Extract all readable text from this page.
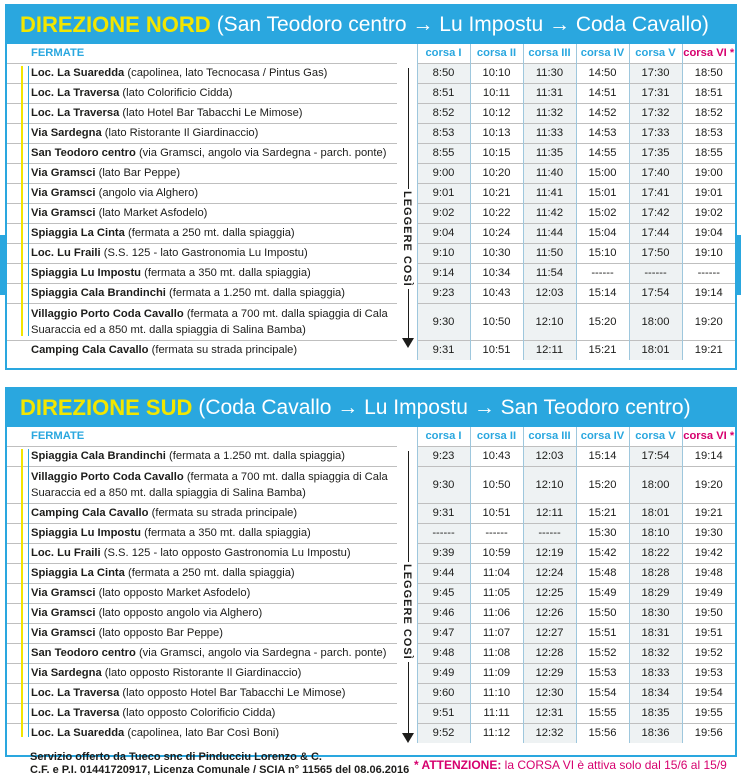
DIREZIONE NORD (San Teodoro centro → Lu Impostu → Coda Cavallo)
FERMATE		corsa I	corsa II	corsa III	corsa IV	corsa V	corsa VI *
Loc. La Suaredda (capolinea, lato Tecnocasa / Pintus Gas)		8:50	10:10	11:30	14:50	17:30	18:50
Loc. La Traversa (lato Colorificio Cidda)		8:51	10:11	11:31	14:51	17:31	18:51
Loc. La Traversa (lato Hotel Bar Tabacchi Le Mimose)		8:52	10:12	11:32	14:52	17:32	18:52
Via Sardegna (lato Ristorante Il Giardinaccio)		8:53	10:13	11:33	14:53	17:33	18:53
San Teodoro centro (via Gramsci, angolo via Sardegna - parch. ponte)		8:55	10:15	11:35	14:55	17:35	18:55
Via Gramsci (lato Bar Peppe)		9:00	10:20	11:40	15:00	17:40	19:00
Via Gramsci (angolo via Alghero)		9:01	10:21	11:41	15:01	17:41	19:01
Via Gramsci (lato Market Asfodelo)		9:02	10:22	11:42	15:02	17:42	19:02
Spiaggia La Cinta (fermata a 250 mt. dalla spiaggia)		9:04	10:24	11:44	15:04	17:44	19:04
Loc. Lu Fraili (S.S. 125 - lato Gastronomia Lu Impostu)		9:10	10:30	11:50	15:10	17:50	19:10
Spiaggia Lu Impostu (fermata a 350 mt. dalla spiaggia)		9:14	10:34	11:54	------	------	------
Spiaggia Cala Brandinchi (fermata a 1.250 mt. dalla spiaggia)		9:23	10:43	12:03	15:14	17:54	19:14
Villaggio Porto Coda Cavallo (fermata a 700 mt. dalla spiaggia di Cala Suaraccia ed a 850 mt. dalla spiaggia di Salina Bamba)		9:30	10:50	12:10	15:20	18:00	19:20
Camping Cala Cavallo (fermata su strada principale)		9:31	10:51	12:11	15:21	18:01	19:21
LEGGERE COSÌ
DIREZIONE SUD (Coda Cavallo → Lu Impostu → San Teodoro centro)
FERMATE		corsa I	corsa II	corsa III	corsa IV	corsa V	corsa VI *
Spiaggia Cala Brandinchi (fermata a 1.250 mt. dalla spiaggia)		9:23	10:43	12:03	15:14	17:54	19:14
Villaggio Porto Coda Cavallo (fermata a 700 mt. dalla spiaggia di Cala Suaraccia ed a 850 mt. dalla spiaggia di Salina Bamba)		9:30	10:50	12:10	15:20	18:00	19:20
Camping Cala Cavallo (fermata su strada principale)		9:31	10:51	12:11	15:21	18:01	19:21
Spiaggia Lu Impostu (fermata a 350 mt. dalla spiaggia)		------	------	------	15:30	18:10	19:30
Loc. Lu Fraili (S.S. 125 - lato opposto Gastronomia Lu Impostu)		9:39	10:59	12:19	15:42	18:22	19:42
Spiaggia La Cinta (fermata a 250 mt. dalla spiaggia)		9:44	11:04	12:24	15:48	18:28	19:48
Via Gramsci (lato opposto Market Asfodelo)		9:45	11:05	12:25	15:49	18:29	19:49
Via Gramsci (lato opposto angolo via Alghero)		9:46	11:06	12:26	15:50	18:30	19:50
Via Gramsci (lato opposto Bar Peppe)		9:47	11:07	12:27	15:51	18:31	19:51
San Teodoro centro (via Gramsci, angolo via Sardegna - parch. ponte)		9:48	11:08	12:28	15:52	18:32	19:52
Via Sardegna (lato opposto Ristorante Il Giardinaccio)		9:49	11:09	12:29	15:53	18:33	19:53
Loc. La Traversa (lato opposto Hotel Bar Tabacchi Le Mimose)		9:60	11:10	12:30	15:54	18:34	19:54
Loc. La Traversa (lato opposto Colorificio Cidda)		9:51	11:11	12:31	15:55	18:35	19:55
Loc. La Suaredda (capolinea, lato Bar Così Boni)		9:52	11:12	12:32	15:56	18:36	19:56
LEGGERE COSÌ
Servizio offerto da Tueco snc di Pinducciu Lorenzo & C.
C.F. e P.I. 01441720917, Licenza Comunale / SCIA n° 11565 del 08.06.2016 * ATTENZIONE: la CORSA VI è attiva solo dal 15/6 al 15/9
